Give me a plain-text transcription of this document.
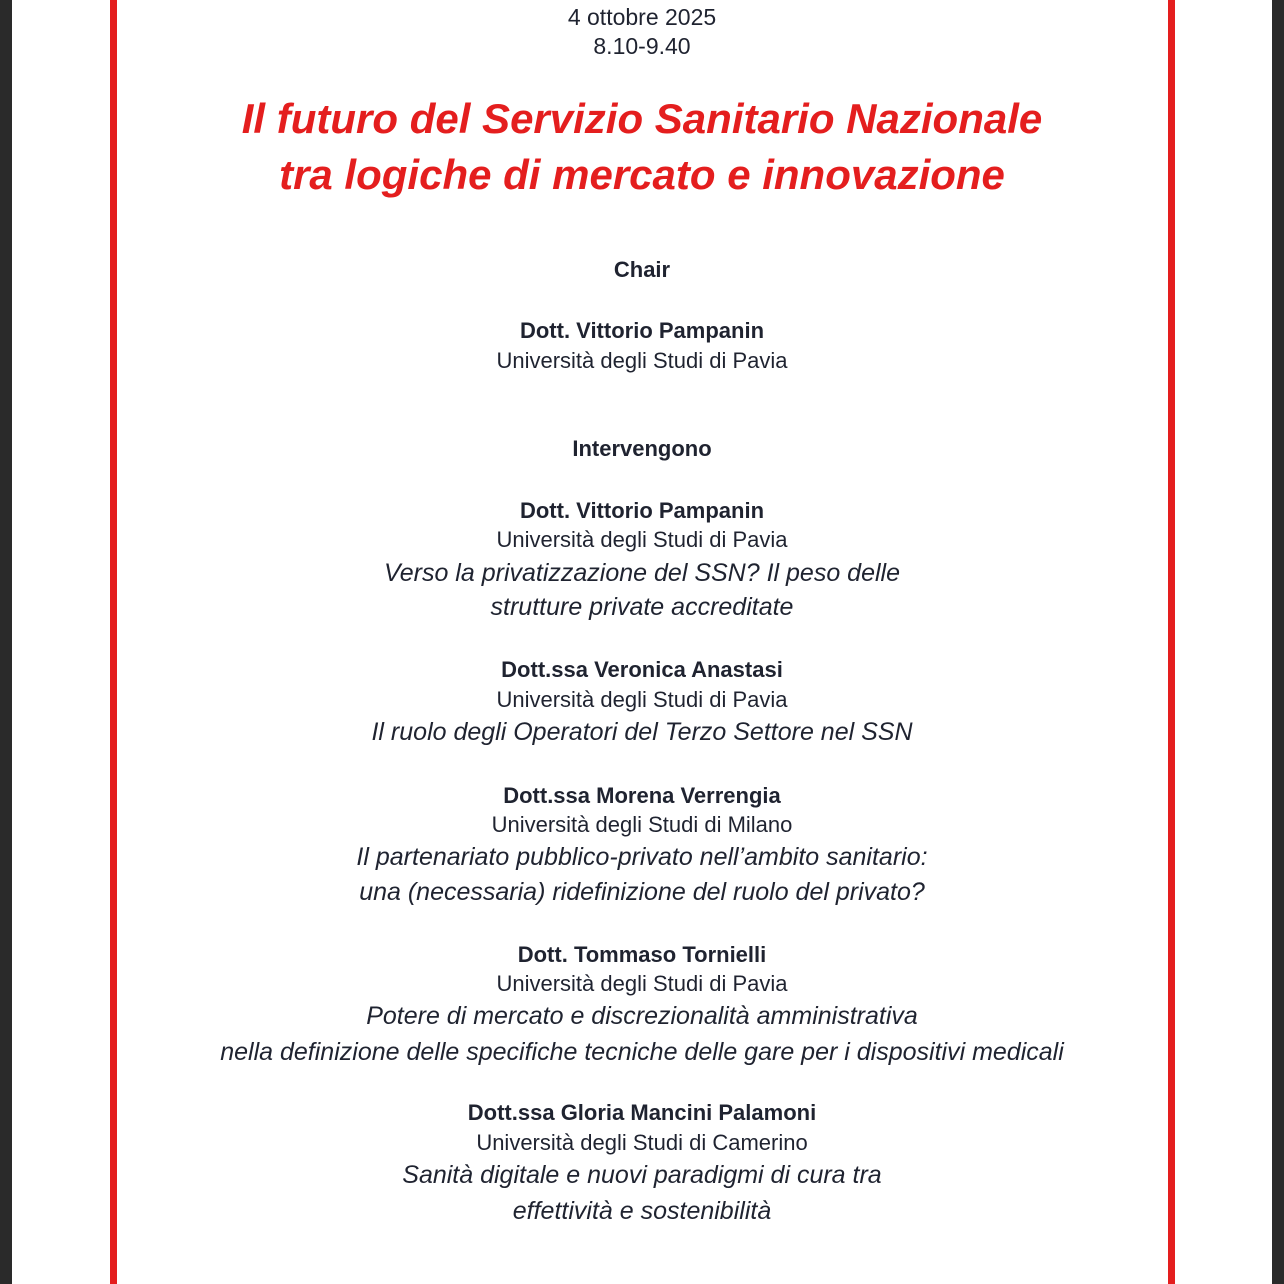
4 ottobre 2025
8.10-9.40
Il futuro del Servizio Sanitario Nazionale
tra logiche di mercato e innovazione
Chair
Dott. Vittorio Pampanin
Università degli Studi di Pavia
Intervengono
Dott. Vittorio Pampanin
Università degli Studi di Pavia
Verso la privatizzazione del SSN? Il peso delle
strutture private accreditate
Dott.ssa Veronica Anastasi
Università degli Studi di Pavia
Il ruolo degli Operatori del Terzo Settore nel SSN
Dott.ssa Morena Verrengia
Università degli Studi di Milano
Il partenariato pubblico-privato nell’ambito sanitario:
una (necessaria) ridefinizione del ruolo del privato?
Dott. Tommaso Tornielli
Università degli Studi di Pavia
Potere di mercato e discrezionalità amministrativa
nella definizione delle specifiche tecniche delle gare per i dispositivi medicali
Dott.ssa Gloria Mancini Palamoni
Università degli Studi di Camerino
Sanità digitale e nuovi paradigmi di cura tra
effettività e sostenibilità
